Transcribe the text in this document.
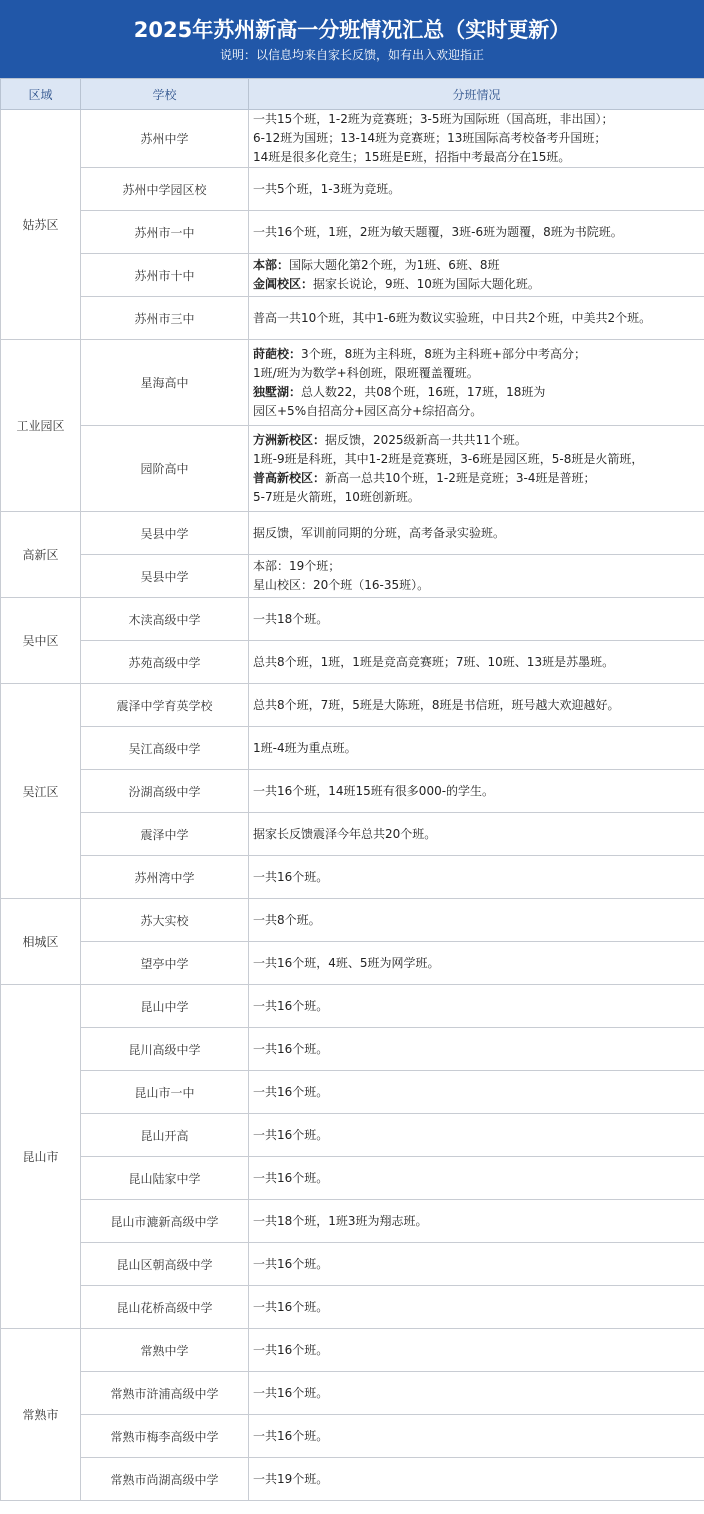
2025年苏州新高一分班情况汇总（实时更新）
说明：以信息均来自家长反馈，如有出入欢迎指正
区域	学校	分班情况
姑苏区	苏州中学	一共15个班，1-2班为竞赛班；3-5班为国际班（国高班，非出国）；
6-12班为国班；13-14班为竞赛班；13班国际高考校备考升国班；
14班是很多化竞生；15班是E班，招指中考最高分在15班。

	苏州中学园区校	一共5个班，1-3班为竞班。

	苏州市一中	一共16个班，1班，2班为敏天题覆，3班-6班为题覆，8班为书院班。

	苏州市十中	本部：国际大题化第2个班，为1班、6班、8班
金阊校区：据家长说论，9班、10班为国际大题化班。

	苏州市三中	普高一共10个班，其中1-6班为数议实验班，中日共2个班，中美共2个班。

工业园区	星海高中	莳葩校：3个班，8班为主科班，8班为主科班+部分中考高分；
1班/班为为数学+科创班，限班覆盖覆班。
独墅湖：总人数22，共08个班，16班，17班，18班为
园区+5%自招高分+园区高分+综招高分。

	园阶高中	方洲新校区：据反馈，2025级新高一共共11个班。
1班-9班是科班，其中1-2班是竞赛班，3-6班是园区班，5-8班是火箭班，
普高新校区：新高一总共10个班，1-2班是竞班；3-4班是普班；
5-7班是火箭班，10班创新班。

高新区	吴县中学	据反馈，军训前同期的分班，高考备录实验班。

	吴县中学	本部：19个班；
星山校区：20个班（16-35班）。

吴中区	木渎高级中学	一共18个班。

	苏苑高级中学	总共8个班，1班，1班是竞高竞赛班；7班、10班、13班是苏墨班。

吴江区	震泽中学育英学校	总共8个班，7班，5班是大陈班，8班是书信班，班号越大欢迎越好。

	吴江高级中学	1班-4班为重点班。

	汾湖高级中学	一共16个班，14班15班有很多000-的学生。

	震泽中学	据家长反馈震泽今年总共20个班。

	苏州湾中学	一共16个班。

相城区	苏大实校	一共8个班。

	望亭中学	一共16个班，4班、5班为网学班。

昆山市	昆山中学	一共16个班。

	昆川高级中学	一共16个班。

	昆山市一中	一共16个班。

	昆山开高	一共16个班。

	昆山陆家中学	一共16个班。

	昆山市漉新高级中学	一共18个班，1班3班为翔志班。

	昆山区朝高级中学	一共16个班。

	昆山花桥高级中学	一共16个班。

常熟市	常熟中学	一共16个班。

	常熟市浒浦高级中学	一共16个班。

	常熟市梅李高级中学	一共16个班。

	常熟市尚湖高级中学	一共19个班。
